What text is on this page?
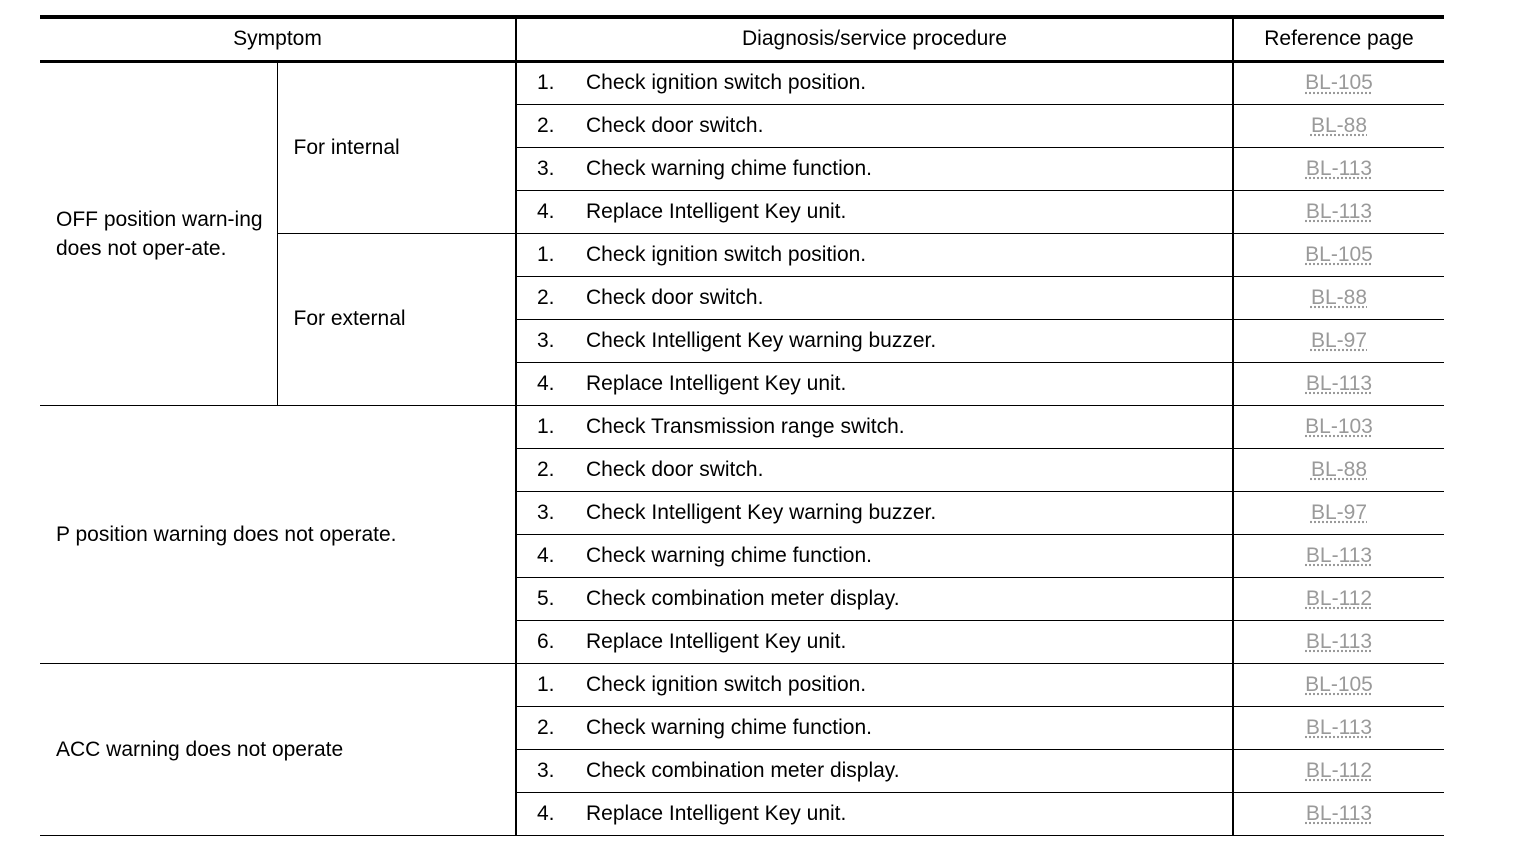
Symptom		Diagnosis/service procedure		Reference page
OFF position warn-ing does not oper-ate.	For internal	1.	Check ignition switch position.	BL-105
		2.	Check door switch.	BL-88
		3.	Check warning chime function.	BL-113
		4.	Replace Intelligent Key unit.	BL-113
	For external	1.	Check ignition switch position.	BL-105
		2.	Check door switch.	BL-88
		3.	Check Intelligent Key warning buzzer.	BL-97
		4.	Replace Intelligent Key unit.	BL-113
P position warning does not operate.		1.	Check Transmission range switch.	BL-103
		2.	Check door switch.	BL-88
		3.	Check Intelligent Key warning buzzer.	BL-97
		4.	Check warning chime function.	BL-113
		5.	Check combination meter display.	BL-112
		6.	Replace Intelligent Key unit.	BL-113
ACC warning does not operate		1.	Check ignition switch position.	BL-105
		2.	Check warning chime function.	BL-113
		3.	Check combination meter display.	BL-112
		4.	Replace Intelligent Key unit.	BL-113
